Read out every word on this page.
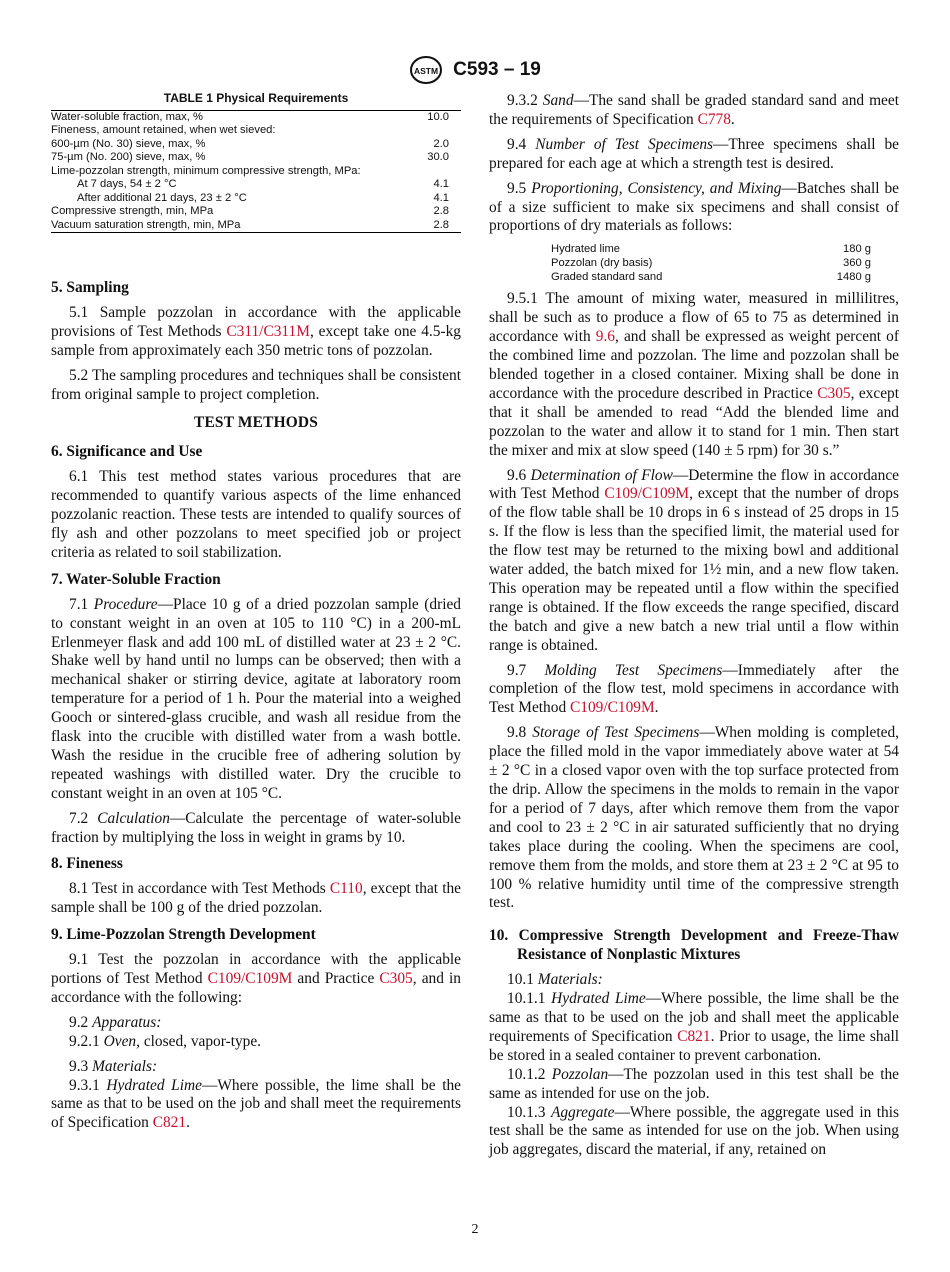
ASTM C593 – 19
TABLE 1 Physical Requirements
Water-soluble fraction, max, %	10.0
Fineness, amount retained, when wet sieved:	
600-µm (No. 30) sieve, max, %	2.0
75-µm (No. 200) sieve, max, %	30.0
Lime-pozzolan strength, minimum compressive strength, MPa:	
At 7 days, 54 ± 2 °C	4.1
After additional 21 days, 23 ± 2 °C	4.1
Compressive strength, min, MPa	2.8
Vacuum saturation strength, min, MPa	2.8
5. Sampling

5.1 Sample pozzolan in accordance with the applicable provisions of Test Methods C311/C311M, except take one 4.5-kg sample from approximately each 350 metric tons of pozzolan.

5.2 The sampling procedures and techniques shall be consistent from original sample to project completion.

TEST METHODS
6. Significance and Use

6.1 This test method states various procedures that are recommended to quantify various aspects of the lime enhanced pozzolanic reaction. These tests are intended to qualify sources of fly ash and other pozzolans to meet specified job or project criteria as related to soil stabilization.

7. Water-Soluble Fraction

7.1 Procedure—Place 10 g of a dried pozzolan sample (dried to constant weight in an oven at 105 to 110 °C) in a 200-mL Erlenmeyer flask and add 100 mL of distilled water at 23 ± 2 °C. Shake well by hand until no lumps can be observed; then with a mechanical shaker or stirring device, agitate at laboratory room temperature for a period of 1 h. Pour the material into a weighed Gooch or sintered-glass crucible, and wash all residue from the flask into the crucible with distilled water from a wash bottle. Wash the residue in the crucible free of adhering solution by repeated washings with distilled water. Dry the crucible to constant weight in an oven at 105 °C.

7.2 Calculation—Calculate the percentage of water-soluble fraction by multiplying the loss in weight in grams by 10.

8. Fineness

8.1 Test in accordance with Test Methods C110, except that the sample shall be 100 g of the dried pozzolan.

9. Lime-Pozzolan Strength Development

9.1 Test the pozzolan in accordance with the applicable portions of Test Method C109/C109M and Practice C305, and in accordance with the following:

9.2 Apparatus:

9.2.1 Oven, closed, vapor-type.

9.3 Materials:

9.3.1 Hydrated Lime—Where possible, the lime shall be the same as that to be used on the job and shall meet the requirements of Specification C821.

9.3.2 Sand—The sand shall be graded standard sand and meet the requirements of Specification C778.

9.4 Number of Test Specimens—Three specimens shall be prepared for each age at which a strength test is desired.

9.5 Proportioning, Consistency, and Mixing—Batches shall be of a size sufficient to make six specimens and shall consist of proportions of dry materials as follows:

Hydrated lime	180 g
Pozzolan (dry basis)	360 g
Graded standard sand	1480 g

9.5.1 The amount of mixing water, measured in millilitres, shall be such as to produce a flow of 65 to 75 as determined in accordance with 9.6, and shall be expressed as weight percent of the combined lime and pozzolan. The lime and pozzolan shall be blended together in a closed container. Mixing shall be done in accordance with the procedure described in Practice C305, except that it shall be amended to read “Add the blended lime and pozzolan to the water and allow it to stand for 1 min. Then start the mixer and mix at slow speed (140 ± 5 rpm) for 30 s.”

9.6 Determination of Flow—Determine the flow in accordance with Test Method C109/C109M, except that the number of drops of the flow table shall be 10 drops in 6 s instead of 25 drops in 15 s. If the flow is less than the specified limit, the material used for the flow test may be returned to the mixing bowl and additional water added, the batch mixed for 1½ min, and a new flow taken. This operation may be repeated until a flow within the specified range is obtained. If the flow exceeds the range specified, discard the batch and give a new batch a new trial until a flow within range is obtained.

9.7 Molding Test Specimens—Immediately after the completion of the flow test, mold specimens in accordance with Test Method C109/C109M.

9.8 Storage of Test Specimens—When molding is completed, place the filled mold in the vapor immediately above water at 54 ± 2 °C in a closed vapor oven with the top surface protected from the drip. Allow the specimens in the molds to remain in the vapor for a period of 7 days, after which remove them from the vapor and cool to 23 ± 2 °C in air saturated sufficiently that no drying takes place during the cooling. When the specimens are cool, remove them from the molds, and store them at 23 ± 2 °C at 95 to 100 % relative humidity until time of the compressive strength test.

10. Compressive Strength Development and Freeze-Thaw Resistance of Nonplastic Mixtures

10.1 Materials:

10.1.1 Hydrated Lime—Where possible, the lime shall be the same as that to be used on the job and shall meet the applicable requirements of Specification C821. Prior to usage, the lime shall be stored in a sealed container to prevent carbonation.

10.1.2 Pozzolan—The pozzolan used in this test shall be the same as intended for use on the job.

10.1.3 Aggregate—Where possible, the aggregate used in this test shall be the same as intended for use on the job. When using job aggregates, discard the material, if any, retained on

2
